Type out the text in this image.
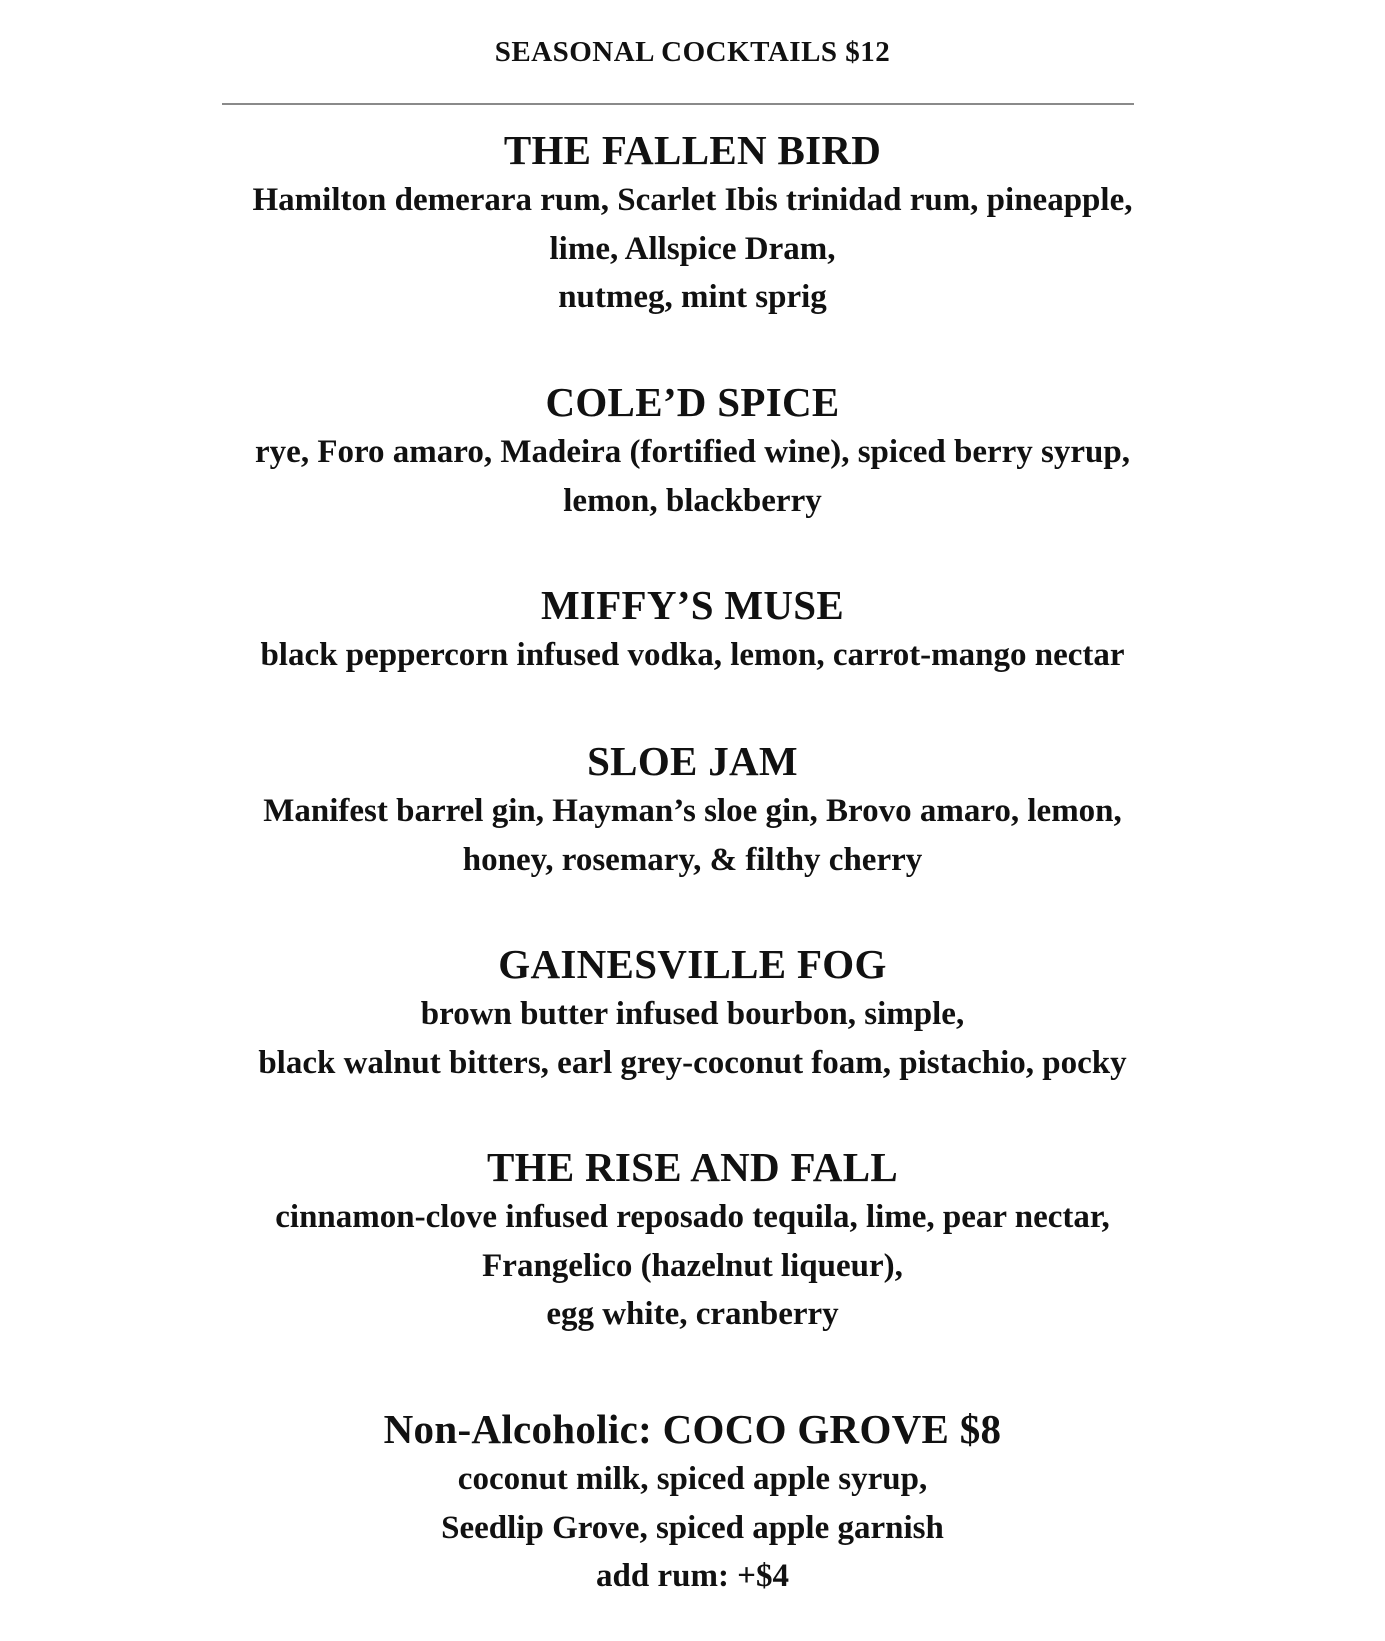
SEASONAL COCKTAILS $12
THE FALLEN BIRD
Hamilton demerara rum, Scarlet Ibis trinidad rum, pineapple,
lime, Allspice Dram,
nutmeg, mint sprig
COLE’D SPICE
rye, Foro amaro, Madeira (fortified wine), spiced berry syrup,
lemon, blackberry
MIFFY’S MUSE
black peppercorn infused vodka, lemon, carrot-mango nectar
SLOE JAM
Manifest barrel gin, Hayman’s sloe gin, Brovo amaro, lemon,
honey, rosemary, & filthy cherry
GAINESVILLE FOG
brown butter infused bourbon, simple,
black walnut bitters, earl grey-coconut foam, pistachio, pocky
THE RISE AND FALL
cinnamon-clove infused reposado tequila, lime, pear nectar,
Frangelico (hazelnut liqueur),
egg white, cranberry
Non-Alcoholic: COCO GROVE $8
coconut milk, spiced apple syrup,
Seedlip Grove, spiced apple garnish
add rum: +$4
